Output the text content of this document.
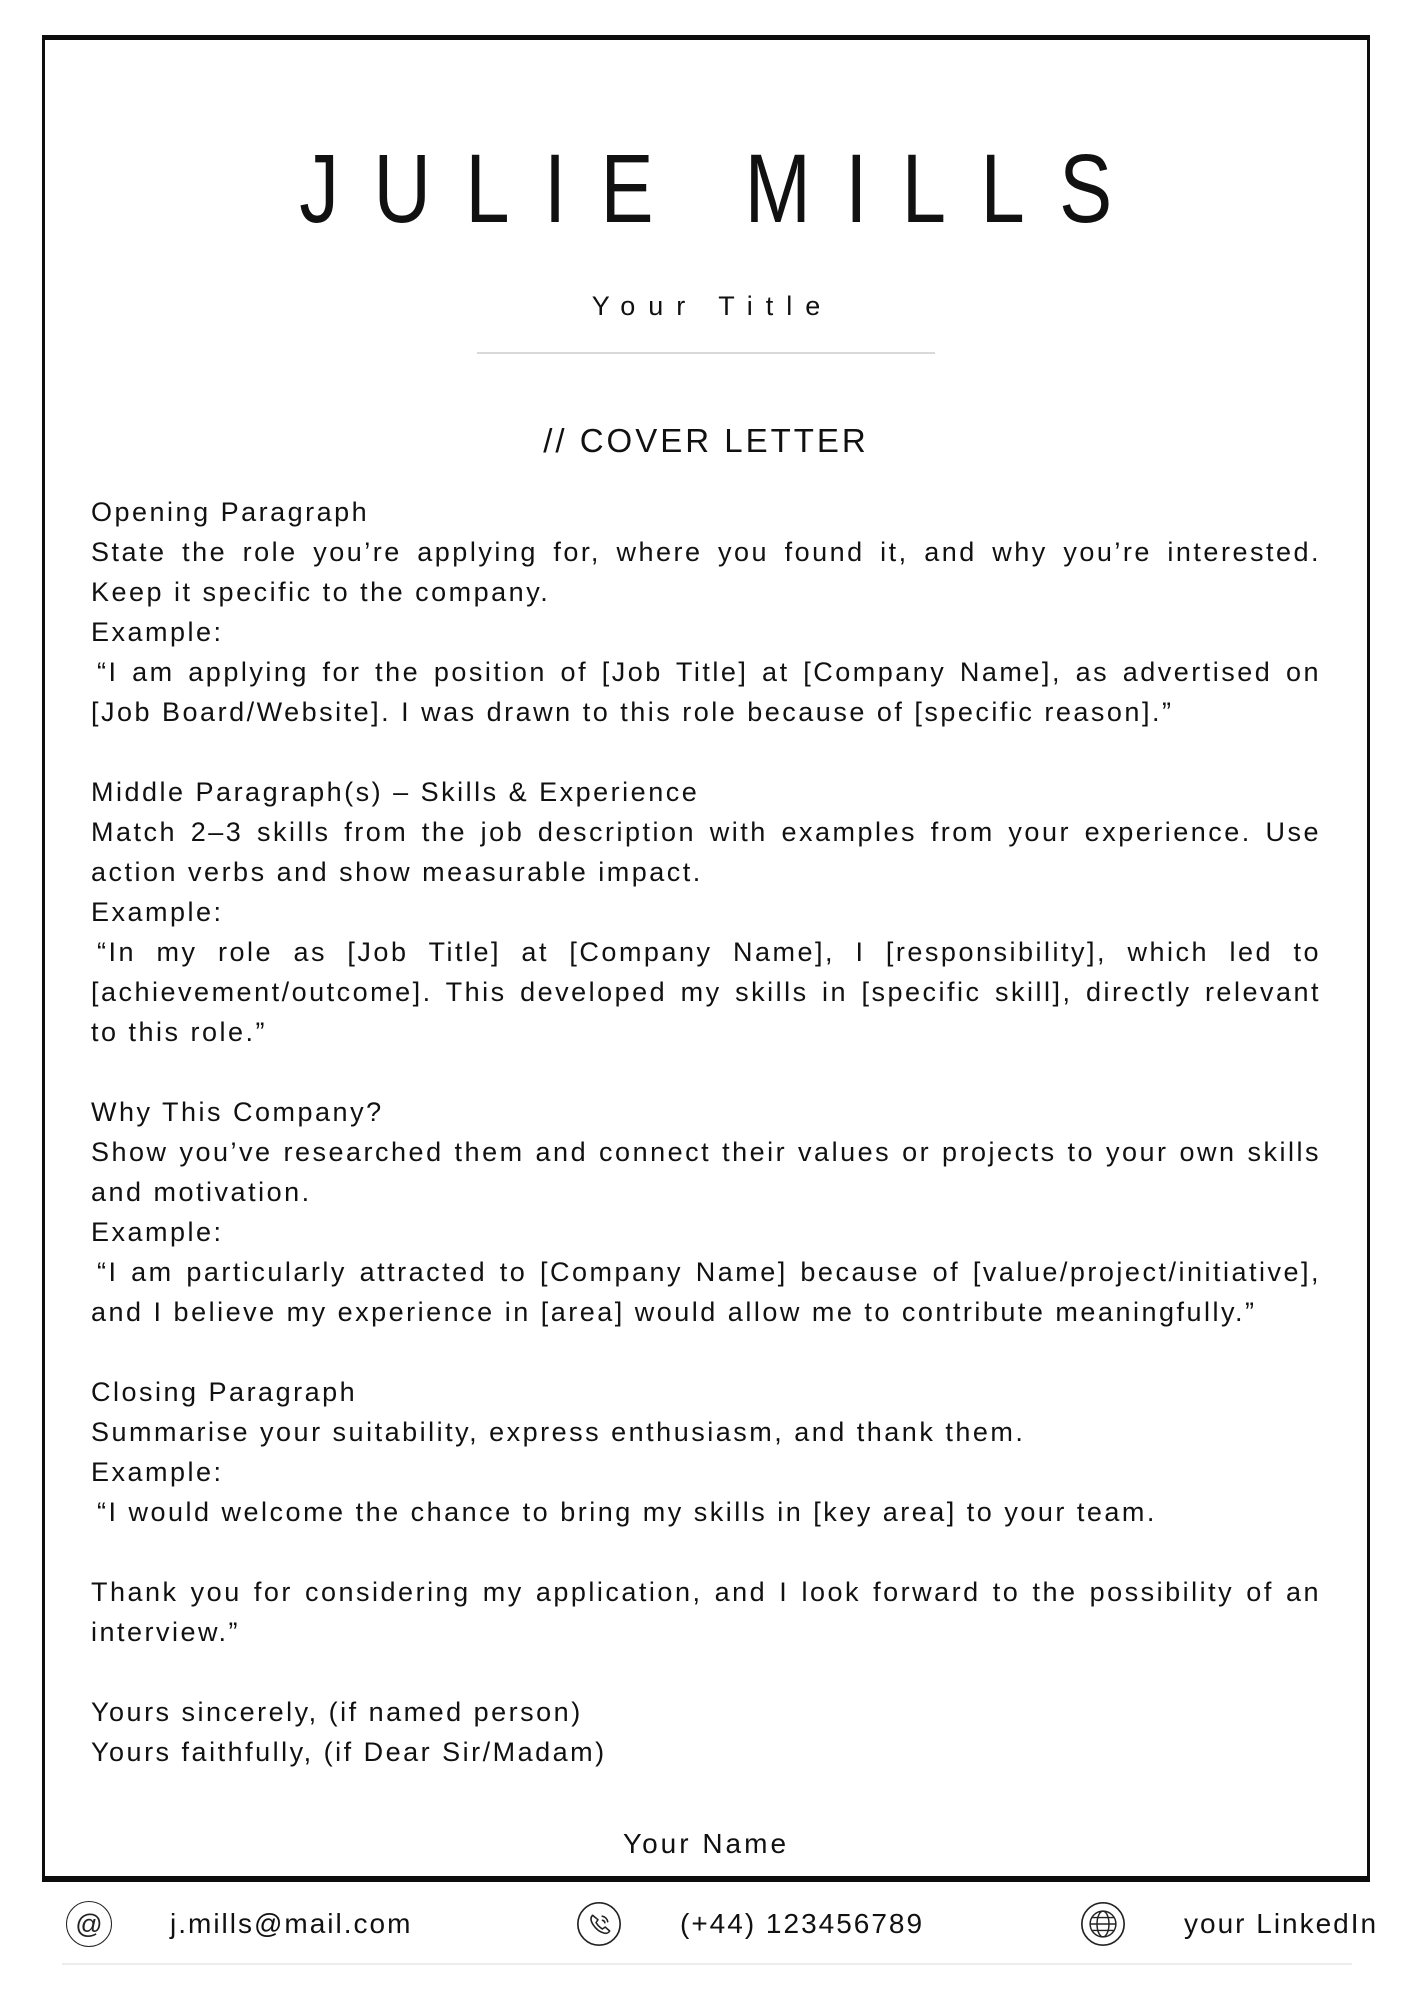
JULIE MILLS
Your Title
// COVER LETTER
Opening Paragraph
State the role you’re applying for, where you found it, and why you’re interested. Keep it specific to the company.
Example:
“I am applying for the position of [Job Title] at [Company Name], as advertised on [Job Board/Website]. I was drawn to this role because of [specific reason].”
Middle Paragraph(s) – Skills & Experience
Match 2–3 skills from the job description with examples from your experience. Use action verbs and show measurable impact.
Example:
“In my role as [Job Title] at [Company Name], I [responsibility], which led to [achievement/outcome]. This developed my skills in [specific skill], directly relevant to this role.”
Why This Company?
Show you’ve researched them and connect their values or projects to your own skills and motivation.
Example:
“I am particularly attracted to [Company Name] because of [value/project/initiative], and I believe my experience in [area] would allow me to contribute meaningfully.”
Closing Paragraph
Summarise your suitability, express enthusiasm, and thank them.
Example:
“I would welcome the chance to bring my skills in [key area] to your team.
Thank you for considering my application, and I look forward to the possibility of an interview.”
Yours sincerely, (if named person)
Yours faithfully, (if Dear Sir/Madam)
Your Name
@	j.mills@mail.com	(+44) 123456789	your LinkedIn
